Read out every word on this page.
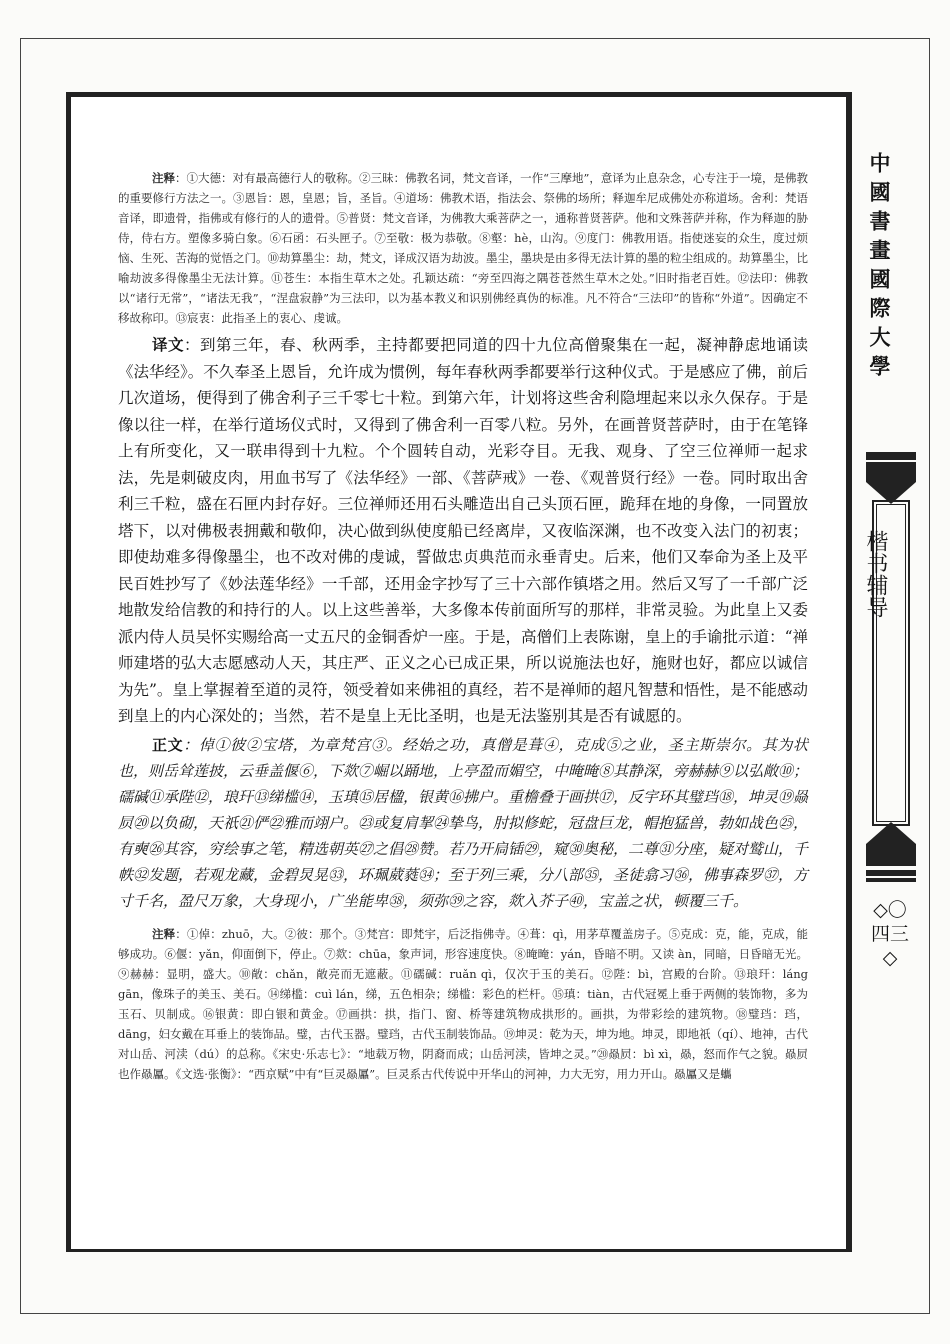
注释：①大德：对有最高德行人的敬称。②三昧：佛教名词，梵文音译，一作“三摩地”，意译为止息杂念，心专注于一境，是佛教的重要修行方法之一。③恩旨：恩，皇恩；旨，圣旨。④道场：佛教术语，指法会、祭佛的场所；释迦牟尼成佛处亦称道场。舍利：梵语音译，即遗骨，指佛或有修行的人的遗骨。⑤普贤：梵文音译，为佛教大乘菩萨之一，通称普贤菩萨。他和文殊菩萨并称，作为释迦的胁侍，侍右方。塑像多骑白象。⑥石函：石头匣子。⑦至敬：极为恭敬。⑧壑：hè，山沟。⑨度门：佛教用语。指使迷妄的众生，度过烦恼、生死、苦海的觉悟之门。⑩劫算墨尘：劫，梵文，译成汉语为劫波。墨尘，墨块是由多得无法计算的墨的粒尘组成的。劫算墨尘，比喻劫波多得像墨尘无法计算。⑪苍生：本指生草木之处。孔颖达疏：“旁至四海之隅苍苍然生草木之处。”旧时指老百姓。⑫法印：佛教以“诸行无常”，“诸法无我”，“涅盘寂静”为三法印，以为基本教义和识别佛经真伪的标准。凡不符合“三法印”的皆称“外道”。因确定不移故称印。⑬宸衷：此指圣上的衷心、虔诚。

译文：到第三年，春、秋两季，主持都要把同道的四十九位高僧聚集在一起，凝神静虑地诵读《法华经》。不久奉圣上恩旨，允许成为惯例，每年春秋两季都要举行这种仪式。于是感应了佛，前后几次道场，便得到了佛舍利子三千零七十粒。到第六年，计划将这些舍利隐埋起来以永久保存。于是像以往一样，在举行道场仪式时，又得到了佛舍利一百零八粒。另外，在画普贤菩萨时，由于在笔锋上有所变化，又一联串得到十九粒。个个圆转自动，光彩夺目。无我、观身、了空三位禅师一起求法，先是刺破皮肉，用血书写了《法华经》一部、《菩萨戒》一卷、《观普贤行经》一卷。同时取出舍利三千粒，盛在石匣内封存好。三位禅师还用石头雕造出自己头顶石匣，跪拜在地的身像，一同置放塔下，以对佛极表拥戴和敬仰，决心做到纵使度船已经离岸，又夜临深渊，也不改变入法门的初衷；即使劫难多得像墨尘，也不改对佛的虔诚，誓做忠贞典范而永垂青史。后来，他们又奉命为圣上及平民百姓抄写了《妙法莲华经》一千部，还用金字抄写了三十六部作镇塔之用。然后又写了一千部广泛地散发给信教的和持行的人。以上这些善举，大多像本传前面所写的那样，非常灵验。为此皇上又委派内侍人员吴怀实赐给高一丈五尺的金铜香炉一座。于是，高僧们上表陈谢，皇上的手谕批示道：“禅师建塔的弘大志愿感动人天，其庄严、正义之心已成正果，所以说施法也好，施财也好，都应以诚信为先”。皇上掌握着至道的灵符，领受着如来佛祖的真经，若不是禅师的超凡智慧和悟性，是不能感动到皇上的内心深处的；当然，若不是皇上无比圣明，也是无法鉴别其是否有诚愿的。

正文：倬①彼②宝塔，为章梵宫③。经始之功，真僧是葺④，克成⑤之业，圣主斯崇尔。其为状也，则岳耸莲披，云垂盖偃⑥，下欻⑦崛以踊地，上亭盈而媚空，中晻晻⑧其静深，旁赫赫⑨以弘敞⑩；礝碱⑪承陛⑫，琅玕⑬绨槛⑭，玉瑱⑮居楹，银黄⑯拂户。重檐叠于画拱⑰，反宇环其璧珰⑱，坤灵⑲赑屃⑳以负砌，天祇㉑俨㉒雅而翊户。㉓或复肩挈㉔挚鸟，肘拟修蛇，冠盘巨龙，帽抱猛兽，勃如战色㉕，有奭㉖其容，穷绘事之笔，精选朝英㉗之倡㉘赞。若乃开扃锸㉙，窥㉚奥秘，二尊㉛分座，疑对鹫山，千帙㉜发题，若观龙藏，金碧炅晃㉝，环珮葳蕤㉞；至于列三乘，分八部㉟，圣徒翕习㊱，佛事森罗㊲，方寸千名，盈尺万象，大身现小，广坐能卑㊳，须弥㊴之容，欻入芥子㊵，宝盖之状，顿覆三千。

注释：①倬：zhuō，大。②彼：那个。③梵宫：即梵宇，后泛指佛寺。④葺：qì，用茅草覆盖房子。⑤克成：克，能，克成，能够成功。⑥偃：yǎn，仰面倒下，停止。⑦欻：chūa，象声词，形容速度快。⑧晻晻：yán，昏暗不明。又读 àn，同暗，日昏暗无光。⑨赫赫：显明，盛大。⑩敞：chǎn，敞亮而无遮蔽。⑪礝碱：ruǎn qì，仅次于玉的美石。⑫陛：bì，宫殿的台阶。⑬琅玕：láng gān，像珠子的美玉、美石。⑭绨槛：cuì lán，绨，五色相杂；绨槛：彩色的栏杆。⑮瑱：tiàn，古代冠冕上垂于两侧的装饰物，多为玉石、贝制成。⑯银黄：即白银和黄金。⑰画拱：拱，指门、窗、桥等建筑物成拱形的。画拱，为带彩绘的建筑物。⑱璧珰：珰，dāng，妇女戴在耳垂上的装饰品。璧，古代玉器。璧珰，古代玉制装饰品。⑲坤灵：乾为天，坤为地。坤灵，即地祇（qí）、地神，古代对山岳、河渎（dú）的总称。《宋史·乐志七》：“地载万物，阴裔而成；山岳河渎，皆坤之灵。”⑳赑屃：bì xì，赑，怒而作气之貌。赑屃也作赑屭。《文选·张衡》：“西京赋”中有“巨灵赑屭”。巨灵系古代传说中开华山的河神，力大无穷，用力开山。赑屭又是蠵

中國書畫國際大學
楷书辅导
◇〇四三◇
